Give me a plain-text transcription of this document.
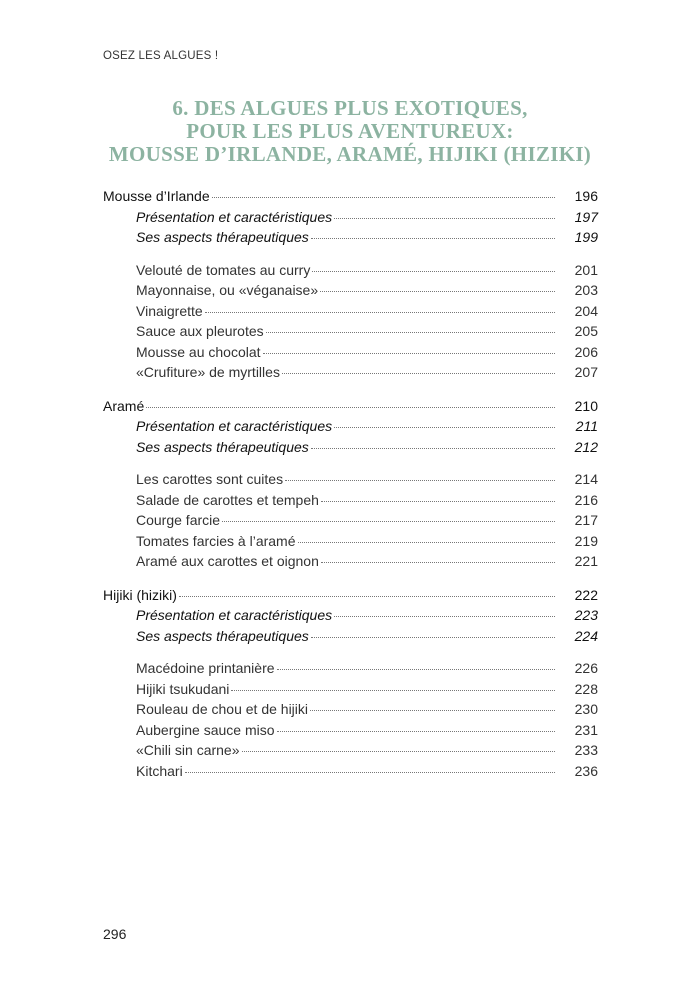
OSEZ LES ALGUES !
6. DES ALGUES PLUS EXOTIQUES,
POUR LES PLUS AVENTUREUX:
MOUSSE D’IRLANDE, ARAMÉ, HIJIKI (HIZIKI)
Mousse d’Irlande	196
Présentation et caractéristiques	197
Ses aspects thérapeutiques	199
Velouté de tomates au curry	201
Mayonnaise, ou «véganaise»	203
Vinaigrette	204
Sauce aux pleurotes	205
Mousse au chocolat	206
«Crufiture» de myrtilles	207
Aramé	210
Présentation et caractéristiques	211
Ses aspects thérapeutiques	212
Les carottes sont cuites	214
Salade de carottes et tempeh	216
Courge farcie	217
Tomates farcies à l’aramé	219
Aramé aux carottes et oignon	221
Hijiki (hiziki)	222
Présentation et caractéristiques	223
Ses aspects thérapeutiques	224
Macédoine printanière	226
Hijiki tsukudani	228
Rouleau de chou et de hijiki	230
Aubergine sauce miso	231
«Chili sin carne»	233
Kitchari	236
296
